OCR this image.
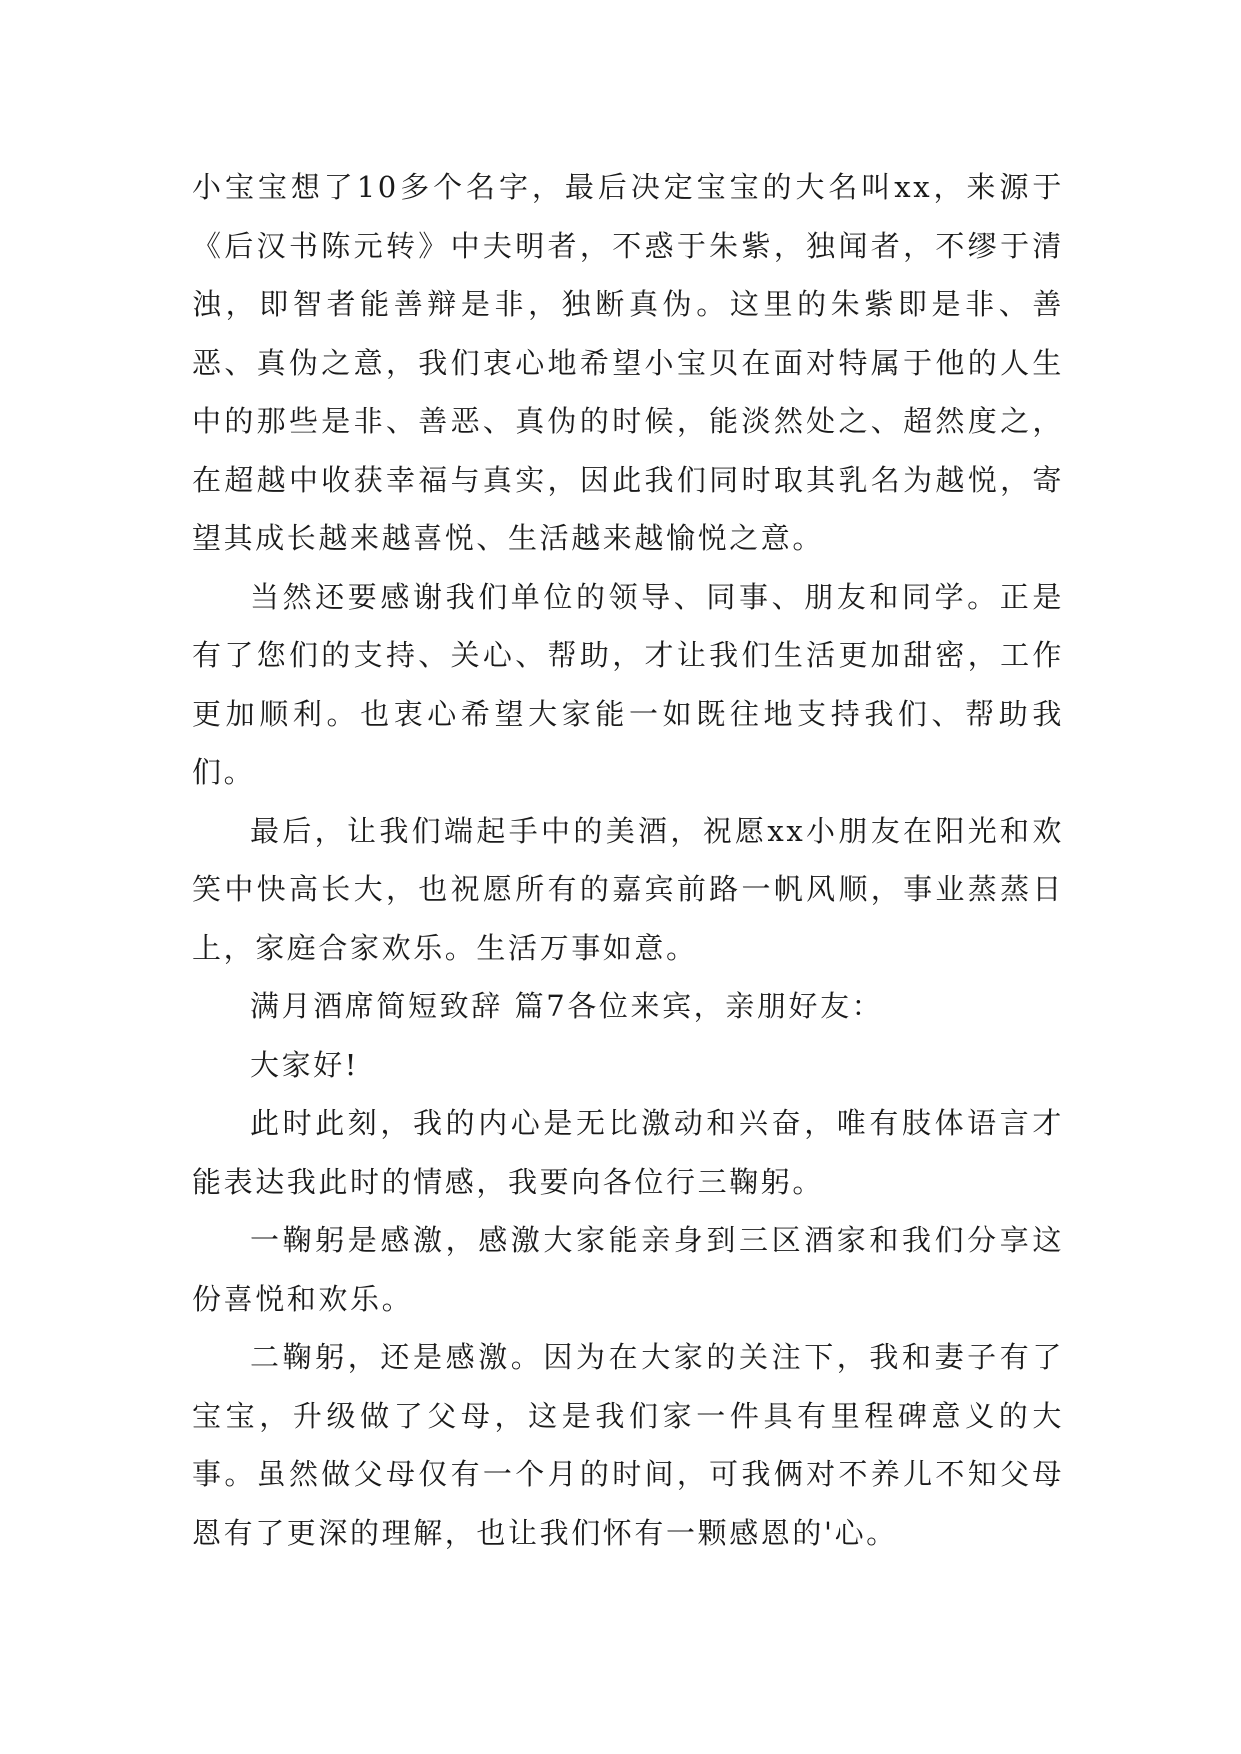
小宝宝想了10多个名字，最后决定宝宝的大名叫xx，来源于《后汉书陈元转》中夫明者，不惑于朱紫，独闻者，不缪于清浊，即智者能善辩是非，独断真伪。这里的朱紫即是非、善恶、真伪之意，我们衷心地希望小宝贝在面对特属于他的人生中的那些是非、善恶、真伪的时候，能淡然处之、超然度之，在超越中收获幸福与真实，因此我们同时取其乳名为越悦，寄望其成长越来越喜悦、生活越来越愉悦之意。

当然还要感谢我们单位的领导、同事、朋友和同学。正是有了您们的支持、关心、帮助，才让我们生活更加甜密，工作更加顺利。也衷心希望大家能一如既往地支持我们、帮助我们。

最后，让我们端起手中的美酒，祝愿xx小朋友在阳光和欢笑中快高长大，也祝愿所有的嘉宾前路一帆风顺，事业蒸蒸日上，家庭合家欢乐。生活万事如意。

满月酒席简短致辞 篇7各位来宾，亲朋好友：

大家好!

此时此刻，我的内心是无比激动和兴奋，唯有肢体语言才能表达我此时的情感，我要向各位行三鞠躬。

一鞠躬是感激，感激大家能亲身到三区酒家和我们分享这份喜悦和欢乐。

二鞠躬，还是感激。因为在大家的关注下，我和妻子有了宝宝，升级做了父母，这是我们家一件具有里程碑意义的大事。虽然做父母仅有一个月的时间，可我俩对不养儿不知父母恩有了更深的理解，也让我们怀有一颗感恩的'心。
